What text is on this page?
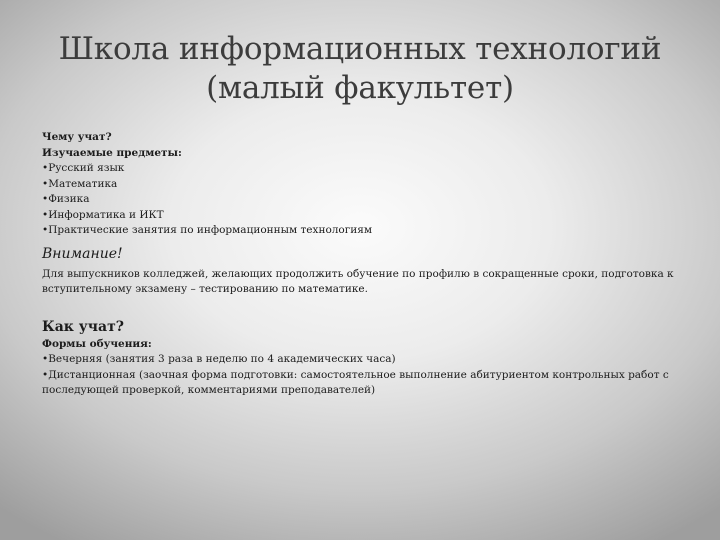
Школа информационных технологий
(малый факультет)
Чему учат?
Изучаемые предметы:
•Русский язык
•Математика
•Физика
•Информатика и ИКТ
•Практические занятия по информационным технологиям
Внимание!
Для выпускников колледжей, желающих продолжить обучение по профилю в сокращенные сроки, подготовка к вступительному экзамену – тестированию по математике.
Как учат?
Формы обучения:
•Вечерняя (занятия 3 раза в неделю по 4 академических часа)
•Дистанционная (заочная форма подготовки: самостоятельное выполнение абитуриентом контрольных работ с последующей проверкой, комментариями преподавателей)
